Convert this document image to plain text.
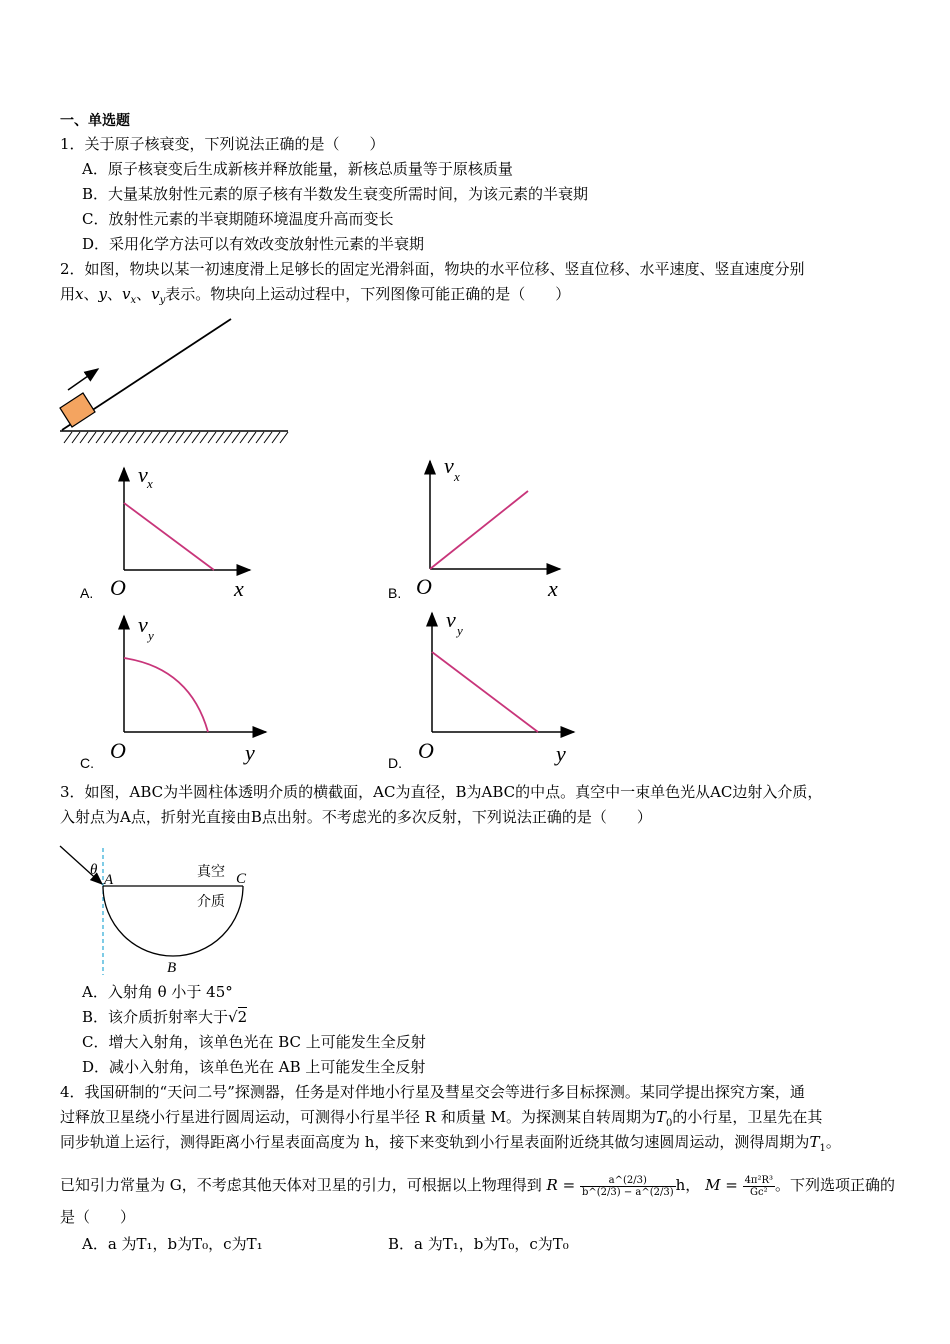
一、单选题
1．关于原子核衰变，下列说法正确的是（　　）
A．原子核衰变后生成新核并释放能量，新核总质量等于原核质量
B．大量某放射性元素的原子核有半数发生衰变所需时间，为该元素的半衰期
C．放射性元素的半衰期随环境温度升高而变长
D．采用化学方法可以有效改变放射性元素的半衰期
2．如图，物块以某一初速度滑上足够长的固定光滑斜面，物块的水平位移、竖直位移、水平速度、竖直速度分别
用x、y、$v_x$、$v_y$表示。物块向上运动过程中，下列图像可能正确的是（　　）
v x
x
O
A.
v x
x
O
B.
v y
y
O
C.
v y
y
O
D.
3．如图，ABC为半圆柱体透明介质的横截面，AC为直径，B为ABC的中点。真空中一束单色光从AC边射入介质，
入射点为A点，折射光直接由B点出射。不考虑光的多次反射，下列说法正确的是（　　）
θ
A	C
B
真空
介质
A．入射角 θ 小于 45°
B．该介质折射率大于√2
C．增大入射角，该单色光在 BC 上可能发生全反射
D．减小入射角，该单色光在 AB 上可能发生全反射
4．我国研制的“天问二号”探测器，任务是对伴地小行星及彗星交会等进行多目标探测。某同学提出探究方案，通
过释放卫星绕小行星进行圆周运动，可测得小行星半径 R 和质量 M。为探测某自转周期为$T_0$的小行星，卫星先在其
同步轨道上运行，测得距离小行星表面高度为 h，接下来变轨到小行星表面附近绕其做匀速圆周运动，测得周期为$T_1$。
已知引力常量为 G，不考虑其他天体对卫星的引力，可根据以上物理得到 $R = \frac{a\^{}(2/3)}{b\^{}(2/3) - a\^{}(2/3)}$ h， $M = \frac{\text{4π²R³}}{\text{Gc²}}$ 。下列选项正确的
是（　　）
A．a 为T₁，b为T₀，c为T₁	B．a 为T₁，b为T₀，c为T₀
